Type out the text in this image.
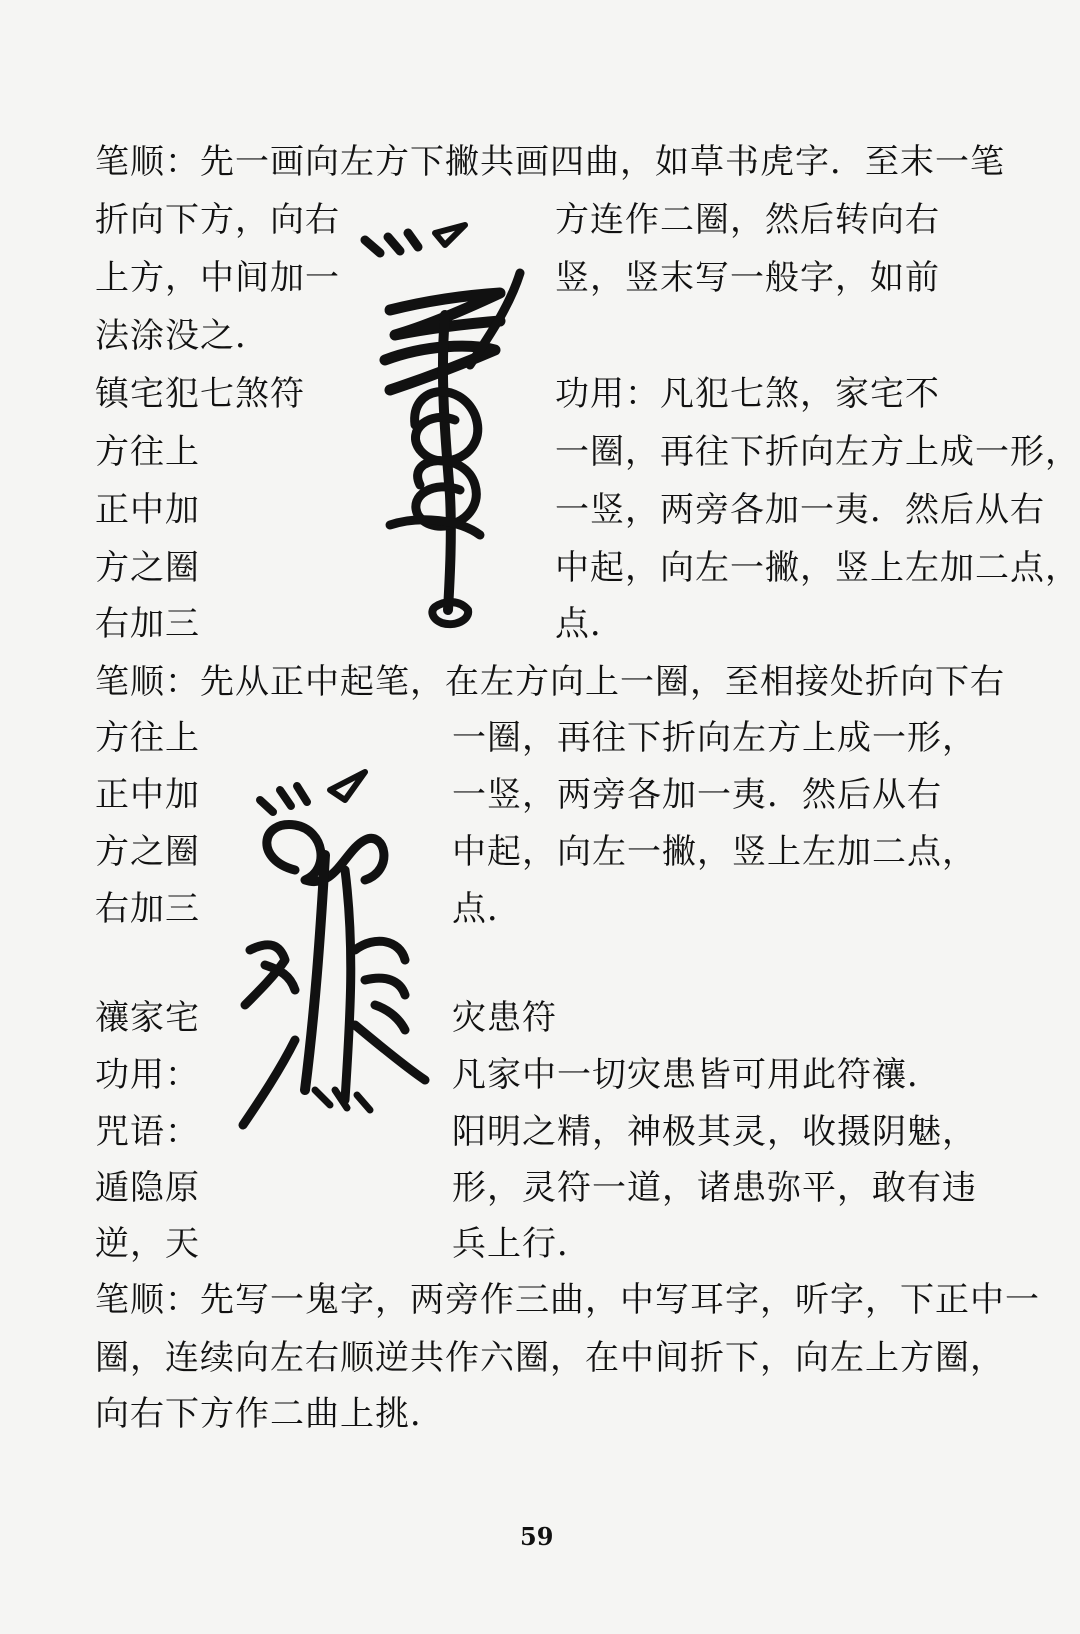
笔顺：先一画向左方下撇共画四曲，如草书虎字．至末一笔
折向下方，向右	方连作二圈，然后转向右
上方，中间加一	竖，竖末写一般字，如前
法涂没之．
镇宅犯七煞符	功用：凡犯七煞，家宅不
方往上	一圈，再往下折向左方上成一形，
正中加	一竖，两旁各加一夷．然后从右
方之圈	中起，向左一撇，竖上左加二点，
右加三	点．
笔顺：先从正中起笔，在左方向上一圈，至相接处折向下右
方往上	一圈，再往下折向左方上成一形，
正中加	一竖，两旁各加一夷．然后从右
方之圈	中起，向左一撇，竖上左加二点，
右加三	点．
禳家宅	灾患符
功用：	凡家中一切灾患皆可用此符禳．
咒语：	阳明之精，神极其灵，收摄阴魅，
遁隐原	形，灵符一道，诸患弥平，敢有违
逆，天	兵上行．
笔顺：先写一鬼字，两旁作三曲，中写耳字，听字，下正中一
圈，连续向左右顺逆共作六圈，在中间折下，向左上方圈，
向右下方作二曲上挑．
59
